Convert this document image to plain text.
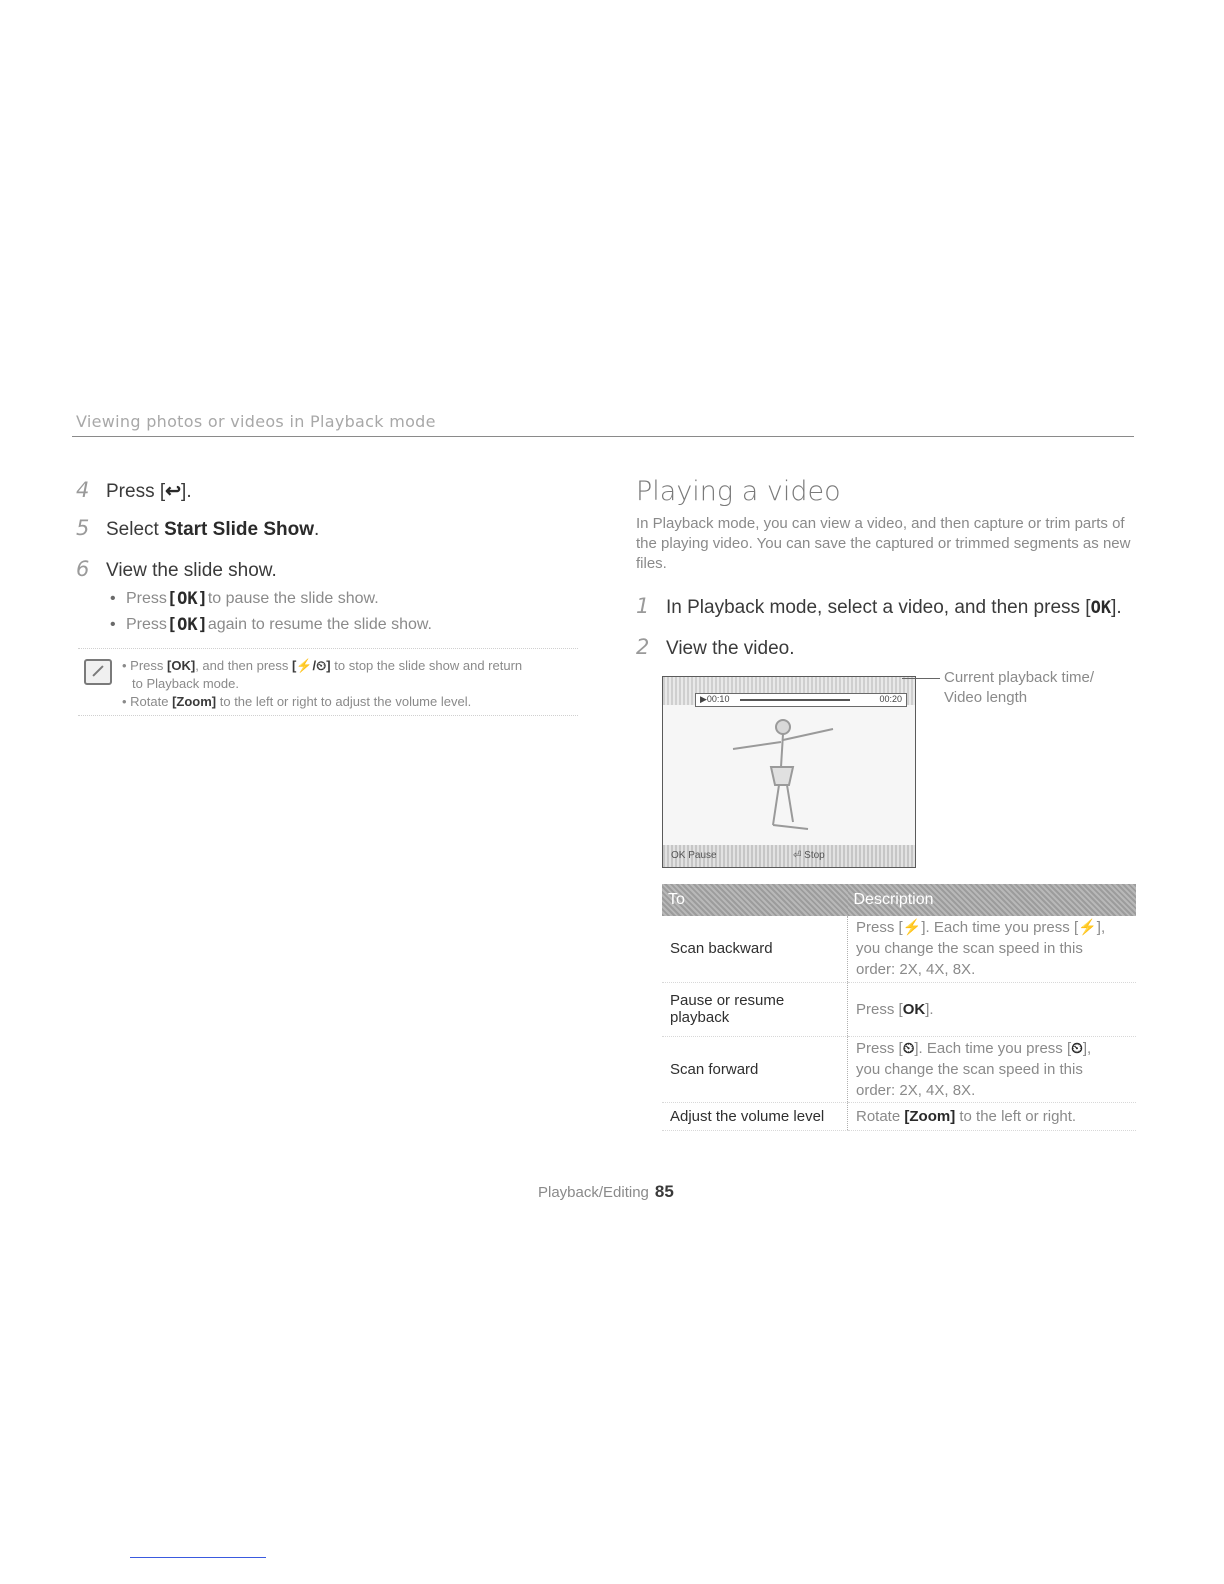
Viewing photos or videos in Playback mode
4 Press [↩].
5 Select Start Slide Show.
6 View the slide show.
• Press [OK] to pause the slide show.
• Press [OK] again to resume the slide show.
• Press [OK], and then press [⚡/⏲] to stop the slide show and return
to Playback mode.
• Rotate [Zoom] to the left or right to adjust the volume level.
Playing a video
In Playback mode, you can view a video, and then capture or trim parts of the playing video. You can save the captured or trimmed segments as new files.
1 In Playback mode, select a video, and then press [OK].
2 View the video.
▶00:10	00:20
OK Pause	⏎ Stop
Current playback time/
Video length
To	Description
Scan backward	Press [⚡]. Each time you press [⚡],
you change the scan speed in this
order: 2X, 4X, 8X.

Pause or resume playback	Press [OK].
Scan forward	Press [⏲]. Each time you press [⏲],
you change the scan speed in this
order: 2X, 4X, 8X.

Adjust the volume level	Rotate [Zoom] to the left or right.
Playback/Editing 85
